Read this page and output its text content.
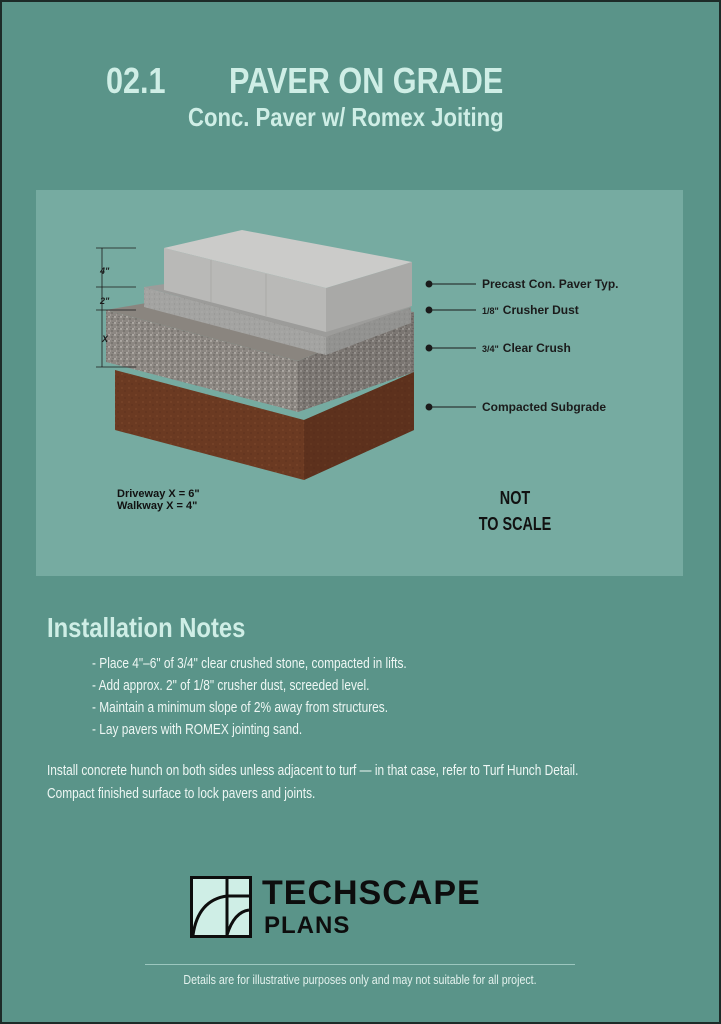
02.1 PAVER ON GRADE
Conc. Paver w/ Romex Joiting
4"
2"
X
Precast Con. Paver Typ.
1/8" Crusher Dust
3/4" Clear Crush
Compacted Subgrade
Driveway X = 6"
Walkway X = 4"	NOT
TO SCALE
Installation Notes
- Place 4"–6" of 3/4" clear crushed stone, compacted in lifts.
- Add approx. 2" of 1/8" crusher dust, screeded level.
- Maintain a minimum slope of 2% away from structures.
- Lay pavers with ROMEX jointing sand.

Install concrete hunch on both sides unless adjacent to turf — in that case, refer to Turf Hunch Detail.

Compact finished surface to lock pavers and joints.

TECHSCAPE
PLANS
Details are for illustrative purposes only and may not suitable for all project.
